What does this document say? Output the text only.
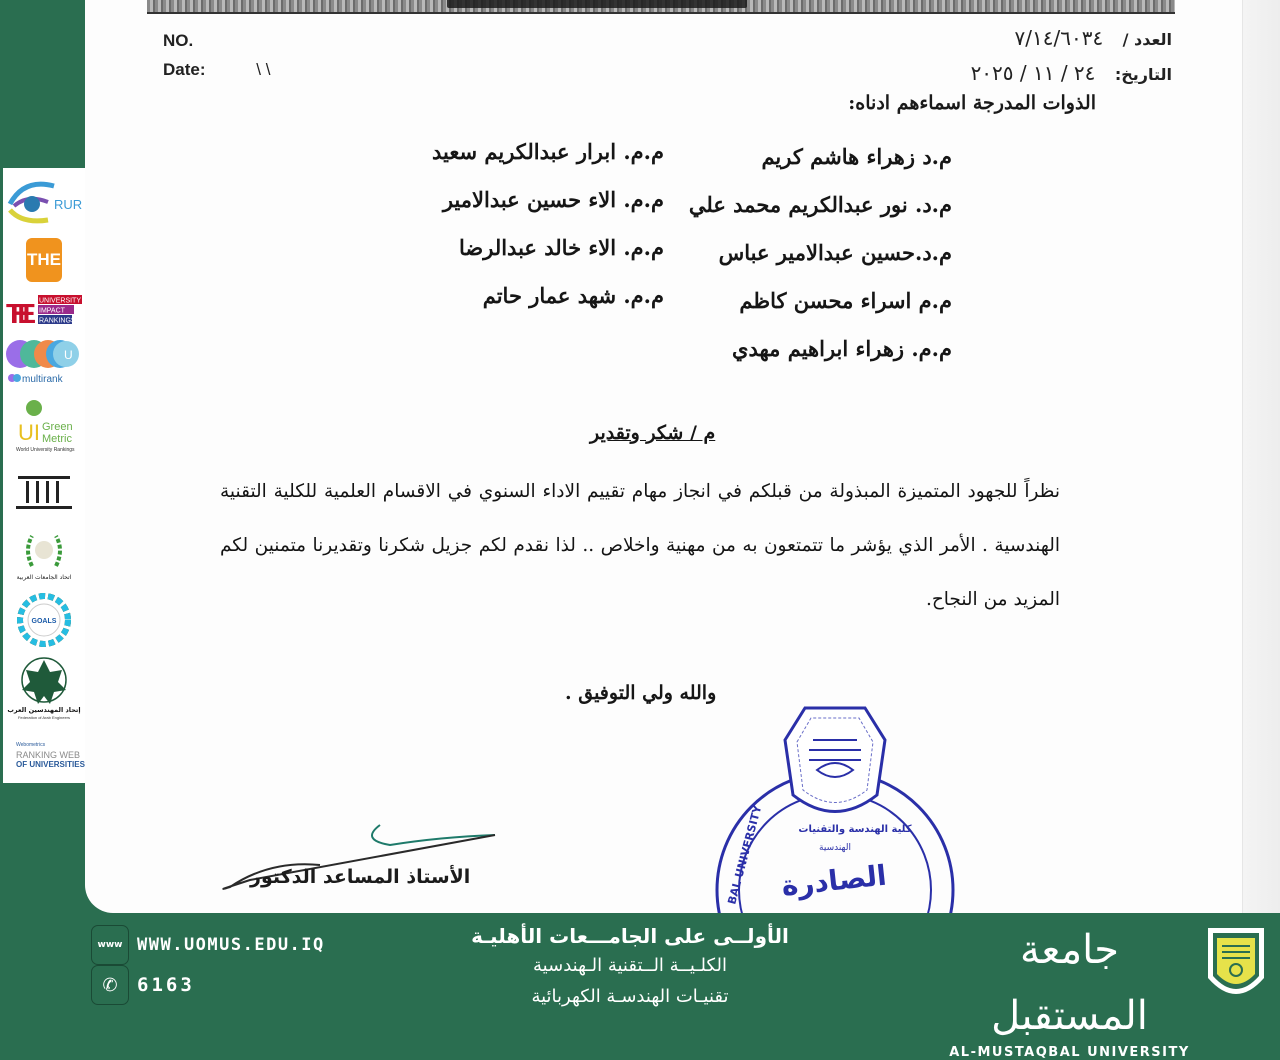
NO.
Date:	\ \
العدد / ٧/١٤/٦٠٣٤
التاريخ: ٢٤ / ١١ / ٢٠٢٥
الذوات المدرجة اسماءهم ادناه:
م.د زهراء هاشم كريم
م.د. نور عبدالكريم محمد علي
م.د.حسين عبدالامير عباس
م.م اسراء محسن كاظم
م.م. زهراء ابراهيم مهدي
م.م. ابرار عبدالكريم سعيد
م.م. الاء حسين عبدالامير
م.م. الاء خالد عبدالرضا
م.م. شهد عمار حاتم
م / شكر وتقدير
نظراً للجهود المتميزة المبذولة من قبلكم في انجاز مهام تقييم الاداء السنوي في الاقسام العلمية للكلية التقنية الهندسية . الأمر الذي يؤشر ما تتمتعون به من مهنية واخلاص .. لذا نقدم لكم جزيل شكرنا وتقديرنا متمنين لكم المزيد من النجاح.
والله ولي التوفيق .
BAL UNIVERSITY	كلية الهندسة والتقنيات
الهندسية
الصادرة
الأستاذ المساعد الدكتور
RUR
THE
THE UNIVERSITY
IMPACT
RANKINGS
U
multirank
UI Green
Metric
World University Rankings
اتحاد الجامعات العربية
GOALS
إتحاد المهندسين العرب
Federation of Arab Engineers
Webometrics
RANKING WEB
OF UNIVERSITIES
www WWW.UOMUS.EDU.IQ
✆ 6163
الأولــى على الجامـــعات الأهليـة
الكلـيــة الــتقنية الـهندسية
تقنيـات الهندسـة الكهربائية
جامعة المستقبل
AL-MUSTAQBAL UNIVERSITY
